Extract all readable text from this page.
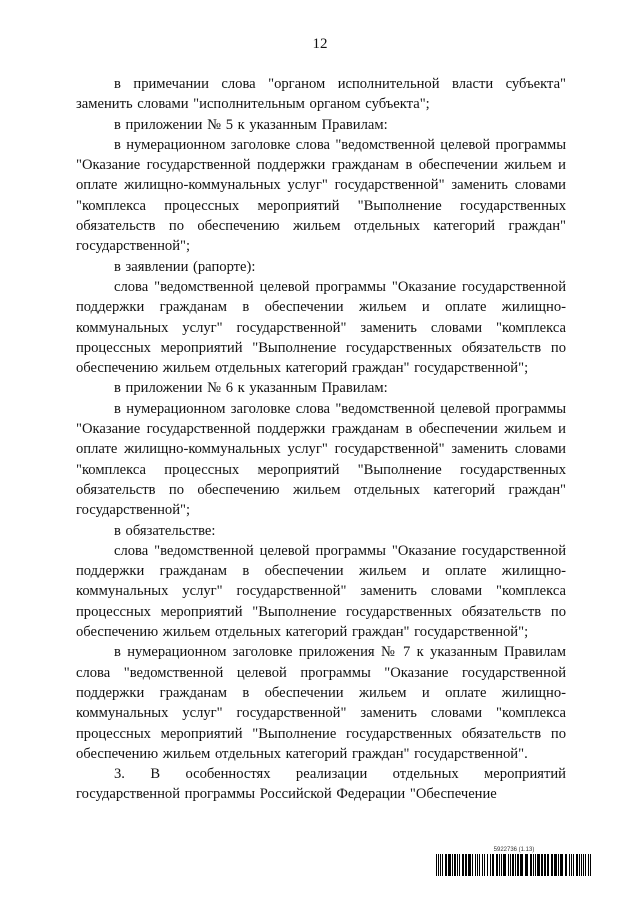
12

в примечании слова "органом исполнительной власти субъекта" заменить словами "исполнительным органом субъекта";

в приложении № 5 к указанным Правилам:

в нумерационном заголовке слова "ведомственной целевой программы "Оказание государственной поддержки гражданам в обеспечении жильем и оплате жилищно-коммунальных услуг" государственной" заменить словами "комплекса процессных мероприятий "Выполнение государственных обязательств по обеспечению жильем отдельных категорий граждан" государственной";

в заявлении (рапорте):

слова "ведомственной целевой программы "Оказание государственной поддержки гражданам в обеспечении жильем и оплате жилищно-коммунальных услуг" государственной" заменить словами "комплекса процессных мероприятий "Выполнение государственных обязательств по обеспечению жильем отдельных категорий граждан" государственной";

в приложении № 6 к указанным Правилам:

в нумерационном заголовке слова "ведомственной целевой программы "Оказание государственной поддержки гражданам в обеспечении жильем и оплате жилищно-коммунальных услуг" государственной" заменить словами "комплекса процессных мероприятий "Выполнение государственных обязательств по обеспечению жильем отдельных категорий граждан" государственной";

в обязательстве:

слова "ведомственной целевой программы "Оказание государственной поддержки гражданам в обеспечении жильем и оплате жилищно-коммунальных услуг" государственной" заменить словами "комплекса процессных мероприятий "Выполнение государственных обязательств по обеспечению жильем отдельных категорий граждан" государственной";

в нумерационном заголовке приложения № 7 к указанным Правилам слова "ведомственной целевой программы "Оказание государственной поддержки гражданам в обеспечении жильем и оплате жилищно-коммунальных услуг" государственной" заменить словами "комплекса процессных мероприятий "Выполнение государственных обязательств по обеспечению жильем отдельных категорий граждан" государственной".

3. В особенностях реализации отдельных мероприятий государственной программы Российской Федерации "Обеспечение

5922736 (1.13)
